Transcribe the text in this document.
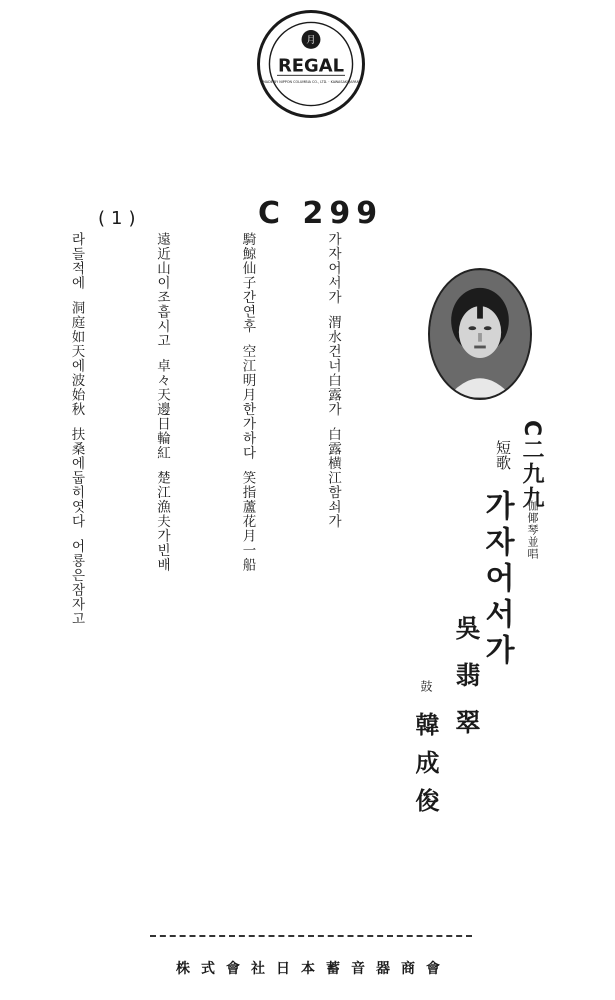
月
REGAL
MADE BY NIPPON COLUMBIA CO., LTD. · KAWASAKI JAPAN
(1)	C 299
C二九九
伽倻琴並唱
短歌
가자어서가
吳翡翠
鼓
韓成俊

가자어서가  渭水건너白露가  白露横江함쇠가

騎鯨仙子간연후  空江明月한가하다  笑指蘆花月一船

遠近山이조흡시고  卓々天邊日輪紅  楚江漁夫가빈배

라들적에  洞庭如天에波始秋  扶桑에둡히엿다  어룡은잠자고

株式會社日本蓄音器商會
